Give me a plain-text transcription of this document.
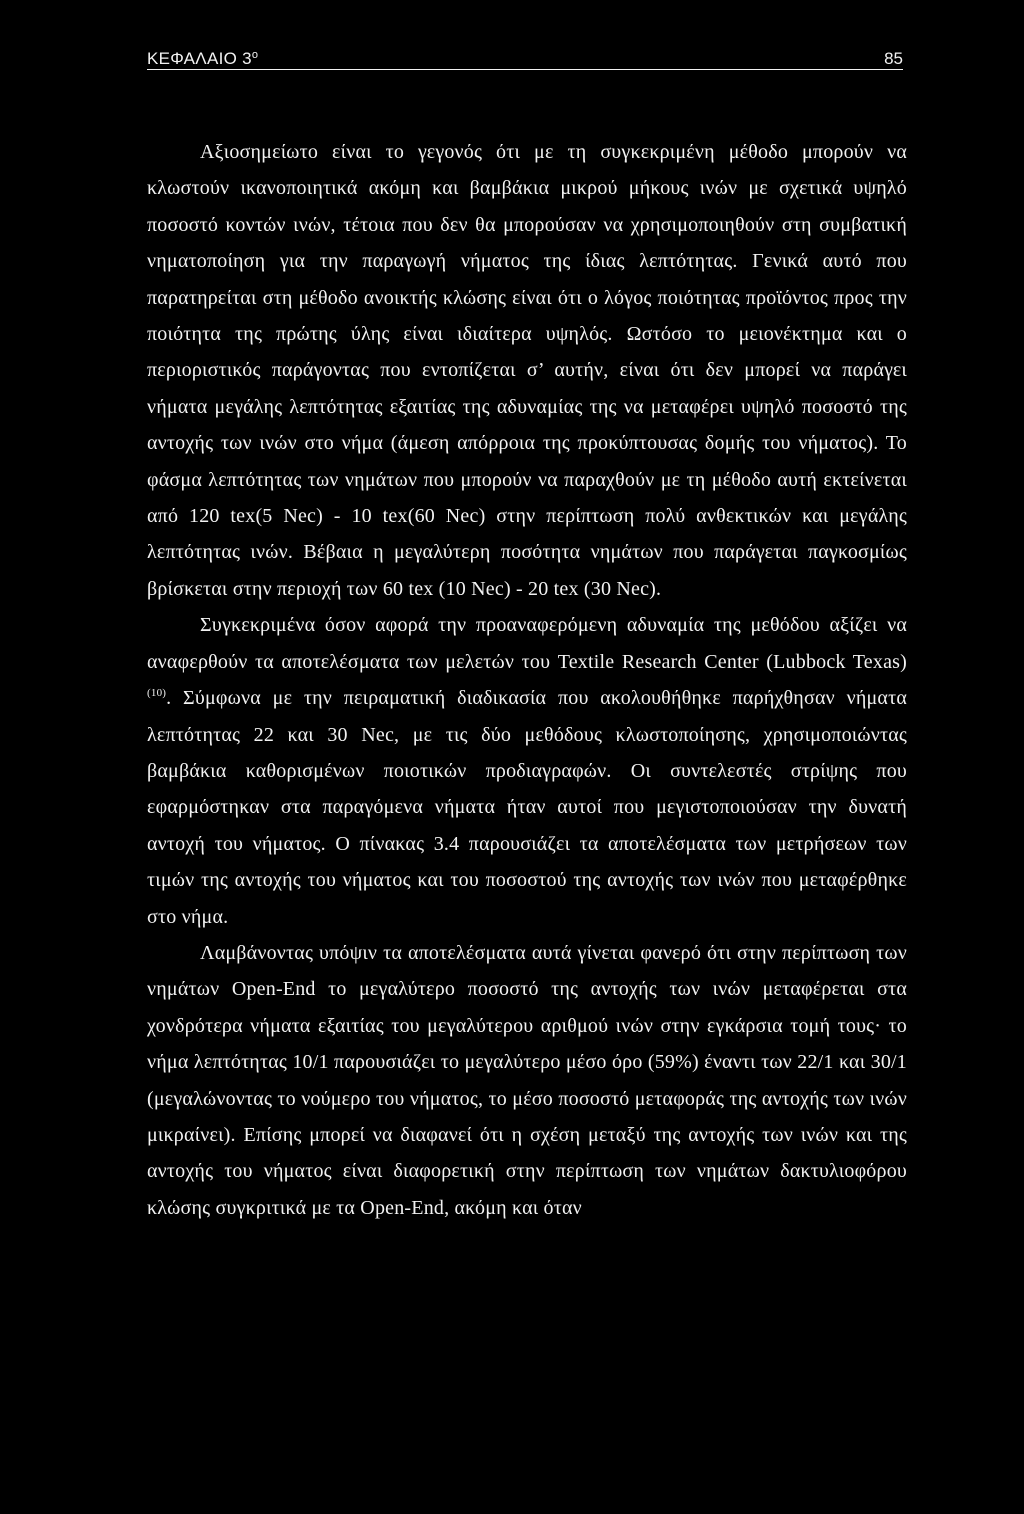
ΚΕΦΑΛΑΙΟ $3^o$	85

Αξιοσημείωτο είναι το γεγονός ότι με τη συγκεκριμένη μέθοδο μπορούν να κλωστούν ικανοποιητικά ακόμη και βαμβάκια μικρού μήκους ινών με σχετικά υψηλό ποσοστό κοντών ινών, τέτοια που δεν θα μπορούσαν να χρησιμοποιηθούν στη συμβατική νηματοποίηση για την παραγωγή νήματος της ίδιας λεπτότητας. Γενικά αυτό που παρατηρείται στη μέθοδο ανοικτής κλώσης είναι ότι ο λόγος ποιότητας προϊόντος προς την ποιότητα της πρώτης ύλης είναι ιδιαίτερα υψηλός. Ωστόσο το μειονέκτημα και ο περιοριστικός παράγοντας που εντοπίζεται σ’ αυτήν, είναι ότι δεν μπορεί να παράγει νήματα μεγάλης λεπτότητας εξαιτίας της αδυναμίας της να μεταφέρει υψηλό ποσοστό της αντοχής των ινών στο νήμα (άμεση απόρροια της προκύπτουσας δομής του νήματος). Το φάσμα λεπτότητας των νημάτων που μπορούν να παραχθούν με τη μέθοδο αυτή εκτείνεται από 120 tex(5 Nec) - 10 tex(60 Nec) στην περίπτωση πολύ ανθεκτικών και μεγάλης λεπτότητας ινών. Βέβαια η μεγαλύτερη ποσότητα νημάτων που παράγεται παγκοσμίως βρίσκεται στην περιοχή των 60 tex (10 Nec) - 20 tex (30 Nec).

Συγκεκριμένα όσον αφορά την προαναφερόμενη αδυναμία της μεθόδου αξίζει να αναφερθούν τα αποτελέσματα των μελετών του Textile Research Center (Lubbock Texas)$^{(10)}$. Σύμφωνα με την πειραματική διαδικασία που ακολουθήθηκε παρήχθησαν νήματα λεπτότητας 22 και 30 Nec, με τις δύο μεθόδους κλωστοποίησης, χρησιμοποιώντας βαμβάκια καθορισμένων ποιοτικών προδιαγραφών. Οι συντελεστές στρίψης που εφαρμόστηκαν στα παραγόμενα νήματα ήταν αυτοί που μεγιστοποιούσαν την δυνατή αντοχή του νήματος. Ο πίνακας 3.4 παρουσιάζει τα αποτελέσματα των μετρήσεων των τιμών της αντοχής του νήματος και του ποσοστού της αντοχής των ινών που μεταφέρθηκε στο νήμα.

Λαμβάνοντας υπόψιν τα αποτελέσματα αυτά γίνεται φανερό ότι στην περίπτωση των νημάτων Open-End το μεγαλύτερο ποσοστό της αντοχής των ινών μεταφέρεται στα χονδρότερα νήματα εξαιτίας του μεγαλύτερου αριθμού ινών στην εγκάρσια τομή τους· το νήμα λεπτότητας 10/1 παρουσιάζει το μεγαλύτερο μέσο όρο (59%) έναντι των 22/1 και 30/1 (μεγαλώνοντας το νούμερο του νήματος, το μέσο ποσοστό μεταφοράς της αντοχής των ινών μικραίνει). Επίσης μπορεί να διαφανεί ότι η σχέση μεταξύ της αντοχής των ινών και της αντοχής του νήματος είναι διαφορετική στην περίπτωση των νημάτων δακτυλιοφόρου κλώσης συγκριτικά με τα Open-End, ακόμη και όταν
